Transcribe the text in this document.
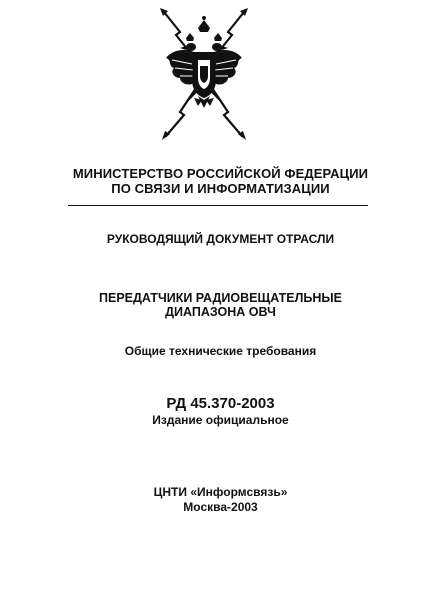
МИНИСТЕРСТВО РОССИЙСКОЙ ФЕДЕРАЦИИ
ПО СВЯЗИ И ИНФОРМАТИЗАЦИИ
РУКОВОДЯЩИЙ ДОКУМЕНТ ОТРАСЛИ
ПЕРЕДАТЧИКИ РАДИОВЕЩАТЕЛЬНЫЕ
ДИАПАЗОНА ОВЧ
Общие технические требования
РД 45.370-2003
Издание официальное
ЦНТИ «Информсвязь»
Москва-2003
